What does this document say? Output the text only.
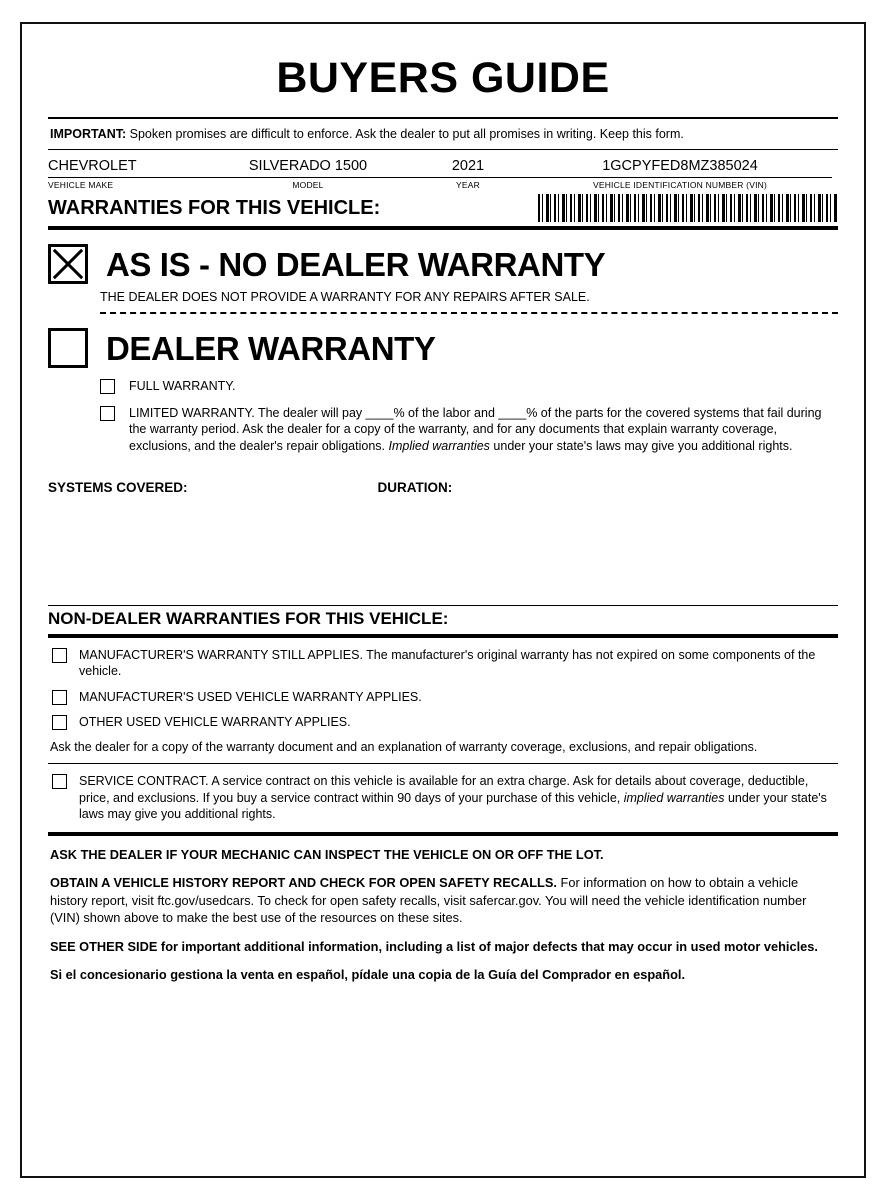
BUYERS GUIDE
IMPORTANT: Spoken promises are difficult to enforce. Ask the dealer to put all promises in writing. Keep this form.
CHEVROLET
VEHICLE MAKE
SILVERADO 1500
MODEL
2021
YEAR
1GCPYFED8MZ385024
VEHICLE IDENTIFICATION NUMBER (VIN)
WARRANTIES FOR THIS VEHICLE:
AS IS - NO DEALER WARRANTY
THE DEALER DOES NOT PROVIDE A WARRANTY FOR ANY REPAIRS AFTER SALE.
DEALER WARRANTY
FULL WARRANTY.
LIMITED WARRANTY. The dealer will pay ____% of the labor and ____% of the parts for the covered systems that fail during the warranty period. Ask the dealer for a copy of the warranty, and for any documents that explain warranty coverage, exclusions, and the dealer's repair obligations. Implied warranties under your state's laws may give you additional rights.
SYSTEMS COVERED:	DURATION:
NON-DEALER WARRANTIES FOR THIS VEHICLE:
MANUFACTURER'S WARRANTY STILL APPLIES. The manufacturer's original warranty has not expired on some components of the vehicle.
MANUFACTURER'S USED VEHICLE WARRANTY APPLIES.
OTHER USED VEHICLE WARRANTY APPLIES.
Ask the dealer for a copy of the warranty document and an explanation of warranty coverage, exclusions, and repair obligations.
SERVICE CONTRACT. A service contract on this vehicle is available for an extra charge. Ask for details about coverage, deductible, price, and exclusions. If you buy a service contract within 90 days of your purchase of this vehicle, implied warranties under your state's laws may give you additional rights.
ASK THE DEALER IF YOUR MECHANIC CAN INSPECT THE VEHICLE ON OR OFF THE LOT.
OBTAIN A VEHICLE HISTORY REPORT AND CHECK FOR OPEN SAFETY RECALLS. For information on how to obtain a vehicle history report, visit ftc.gov/usedcars. To check for open safety recalls, visit safercar.gov. You will need the vehicle identification number (VIN) shown above to make the best use of the resources on these sites.
SEE OTHER SIDE for important additional information, including a list of major defects that may occur in used motor vehicles.
Si el concesionario gestiona la venta en español, pídale una copia de la Guía del Comprador en español.
